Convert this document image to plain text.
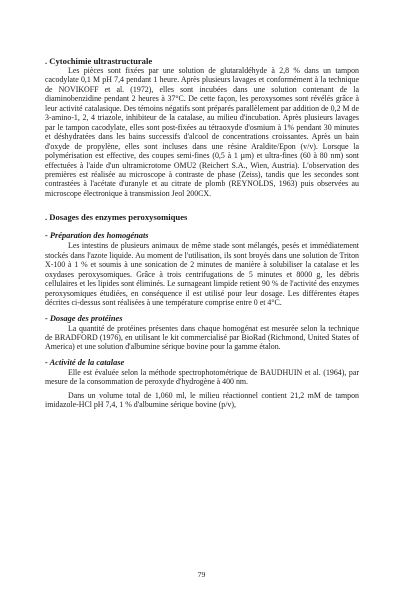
. Cytochimie ultrastructurale

Les pièces sont fixées par une solution de glutaraldéhyde à 2,8 % dans un tampon cacodylate 0,1 M pH 7,4 pendant 1 heure. Après plusieurs lavages et conformément à la technique de NOVIKOFF et al. (1972), elles sont incubées dans une solution contenant de la diaminobenzidine pendant 2 heures à 37°C. De cette façon, les peroxysomes sont révélés grâce à leur activité catalasique. Des témoins négatifs sont préparés parallèlement par addition de 0,2 M de 3-amino-1, 2, 4 triazole, inhibiteur de la catalase, au milieu d'incubation. Après plusieurs lavages par le tampon cacodylate, elles sont post-fixées au tétraoxyde d'osmium à 1% pendant 30 minutes et déshydratées dans les bains successifs d'alcool de concentrations croissantes. Après un bain d'oxyde de propylène, elles sont incluses dans une résine Araldite/Epon (v/v). Lorsque la polymérisation est effective, des coupes semi-fines (0,5 à 1 µm) et ultra-fines (60 à 80 nm) sont effectuées à l'aide d'un ultramicrotome OMU2 (Reichert S.A., Wien, Austria). L'observation des premières est réalisée au microscope à contraste de phase (Zeiss), tandis que les secondes sont contrastées à l'acétate d'uranyle et au citrate de plomb (REYNOLDS, 1963) puis observées au microscope électronique à transmission Jeol 200CX.

. Dosages des enzymes peroxysomiques
- Préparation des homogénats

Les intestins de plusieurs animaux de même stade sont mélangés, pesés et immédiatement stockés dans l'azote liquide. Au moment de l'utilisation, ils sont broyés dans une solution de Triton X-100 à 1 % et soumis à une sonication de 2 minutes de manière à solubiliser la catalase et les oxydases peroxysomiques. Grâce à trois centrifugations de 5 minutes et 8000 g, les débris cellulaires et les lipides sont éliminés. Le surnageant limpide retient 90 % de l'activité des enzymes peroxysomiques étudiées, en conséquence il est utilisé pour leur dosage. Les différentes étapes décrites ci-dessus sont réalisées à une température comprise entre 0 et 4°C.

- Dosage des protéines

La quantité de protéines présentes dans chaque homogénat est mesurée selon la technique de BRADFORD (1976), en utilisant le kit commercialisé par BioRad (Richmond, United States of America) et une solution d'albumine sérique bovine pour la gamme étalon.

- Activité de la catalase

Elle est évaluée selon la méthode spectrophotométrique de BAUDHUIN et al. (1964), par mesure de la consommation de peroxyde d'hydrogène à 400 nm.

Dans un volume total de 1,060 ml, le milieu réactionnel contient 21,2 mM de tampon imidazole-HCl pH 7,4, 1 % d'albumine sérique bovine (p/v),

79
